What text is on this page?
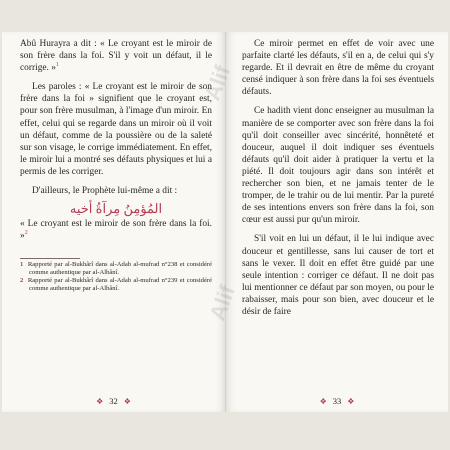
Abû Hurayra a dit : « Le croyant est le miroir de son frère dans la foi. S'il y voit un défaut, il le corrige. »$^1$

Les paroles : « Le croyant est le miroir de son frère dans la foi » signifient que le croyant est, pour son frère musulman, à l'image d'un miroir. En effet, celui qui se regarde dans un miroir où il voit un défaut, comme de la poussière ou de la saleté sur son visage, le corrige immédiatement. En effet, le miroir lui a montré ses défauts physiques et lui a permis de les corriger.

D'ailleurs, le Prophète lui-même a dit :

المُؤمِنُ مِرآةُ أخيه

« Le croyant est le miroir de son frère dans la foi. »$^2$

1 Rapporté par al-Bukhârî dans al-Adab al-mufrad n°238 et considéré comme authentique par al-Albânî.

2 Rapporté par al-Bukhârî dans al-Adab al-mufrad n°239 et considéré comme authentique par al-Albânî.

❖ 32 ❖

Ce miroir permet en effet de voir avec une parfaite clarté les défauts, s'il en a, de celui qui s'y regarde. Et il devrait en être de même du croyant censé indiquer à son frère dans la foi ses éventuels défauts.

Ce hadith vient donc enseigner au musulman la manière de se comporter avec son frère dans la foi qu'il doit conseiller avec sincérité, honnêteté et douceur, auquel il doit indiquer ses éventuels défauts qu'il doit aider à pratiquer la vertu et la piété. Il doit toujours agir dans son intérêt et rechercher son bien, et ne jamais tenter de le tromper, de le trahir ou de lui mentir. Par la pureté de ses intentions envers son frère dans la foi, son cœur est aussi pur qu'un miroir.

S'il voit en lui un défaut, il le lui indique avec douceur et gentillesse, sans lui causer de tort et sans le vexer. Il doit en effet être guidé par une seule intention : corriger ce défaut. Il ne doit pas lui mentionner ce défaut par son moyen, ou pour le rabaisser, mais pour son bien, avec douceur et le désir de faire

❖ 33 ❖
